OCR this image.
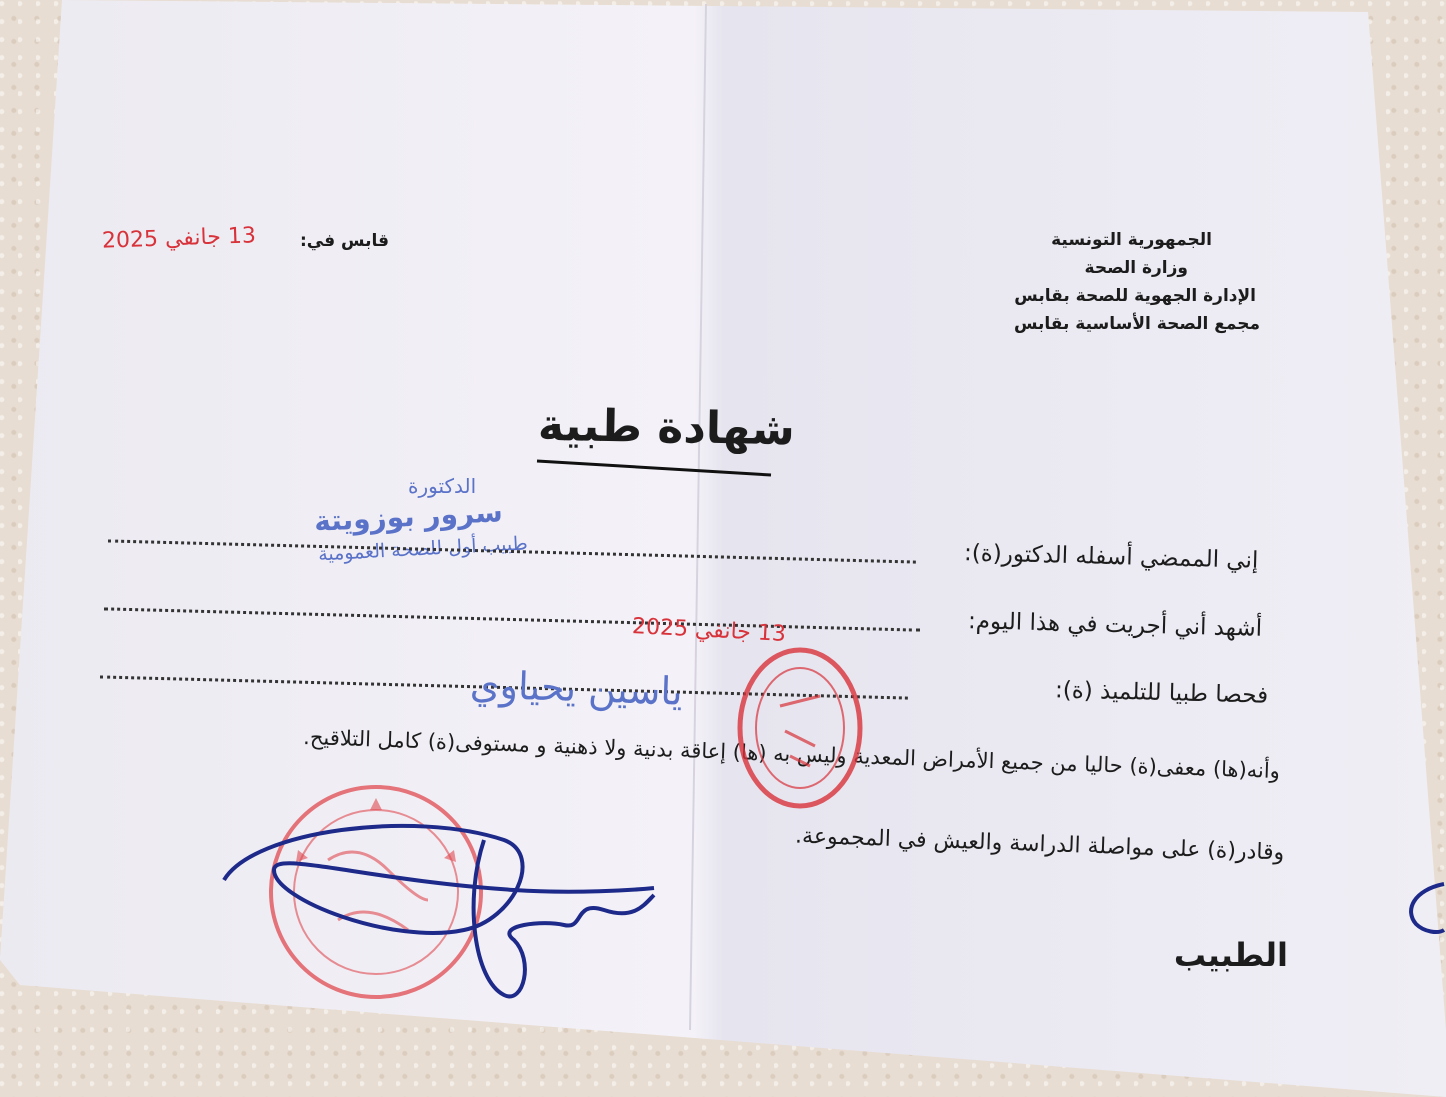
الجمهورية التونسية
وزارة الصحة
الإدارة الجهوية للصحة بقابس
مجمع الصحة الأساسية بقابس
قابس في:
13 جانفي 2025
شهادة طبية
الدكتورة
سرور بوزويتة
طبيب أول للصحة العمومية	إني الممضي أسفله الدكتور(ة):
أشهد أني أجريت في هذا اليوم:
13 جانفي 2025
فحصا طبيا للتلميذ (ة):
ياسين يحياوي
وأنه(ها) معفى(ة) حاليا من جميع الأمراض المعدية وليس به (ها) إعاقة بدنية ولا ذهنية و مستوفى(ة) كامل التلاقيح.
وقادر(ة) على مواصلة الدراسة والعيش في المجموعة.
الطبيب
